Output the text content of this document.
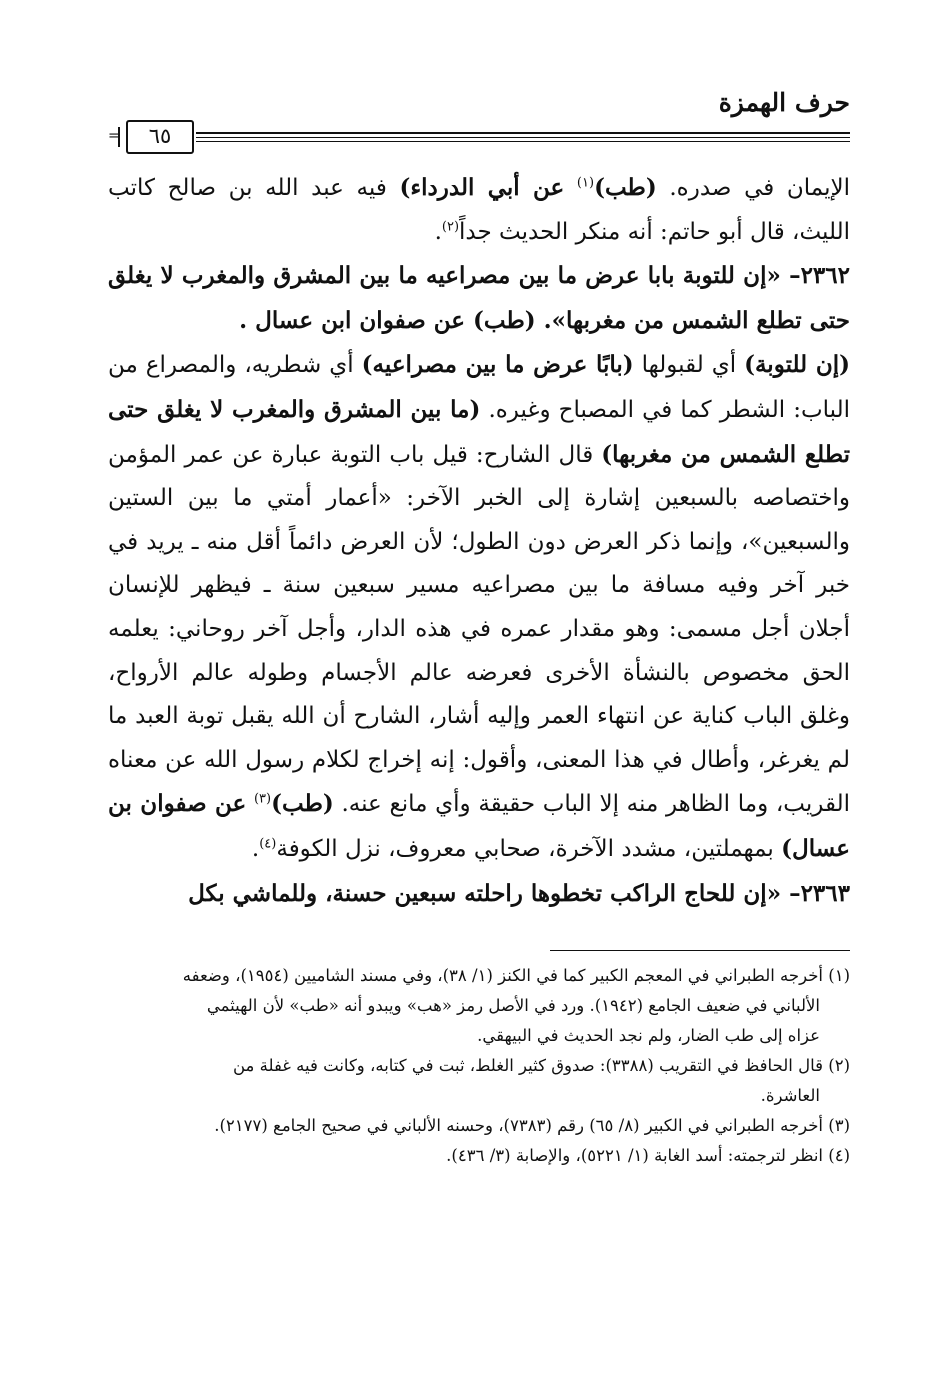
حرف الهمزة
٦٥
=

الإيمان في صدره. (طب)$^{(١)}$ عن أبي الدرداء) فيه عبد الله بن صالح كاتب الليث، قال أبو حاتم: أنه منكر الحديث جداً$^{(٢)}$.

٢٣٦٢– «إن للتوبة بابا عرض ما بين مصراعيه ما بين المشرق والمغرب لا يغلق حتى تطلع الشمس من مغربها». (طب) عن صفوان ابن عسال .

(إن للتوبة) أي لقبولها (بابًا عرض ما بين مصراعيه) أي شطريه، والمصراع من الباب: الشطر كما في المصباح وغيره. (ما بين المشرق والمغرب لا يغلق حتى تطلع الشمس من مغربها) قال الشارح: قيل باب التوبة عبارة عن عمر المؤمن واختصاصه بالسبعين إشارة إلى الخبر الآخر: «أعمار أمتي ما بين الستين والسبعين»، وإنما ذكر العرض دون الطول؛ لأن العرض دائماً أقل منه ـ يريد في خبر آخر وفيه مسافة ما بين مصراعيه مسير سبعين سنة ـ فيظهر للإنسان أجلان أجل مسمى: وهو مقدار عمره في هذه الدار، وأجل آخر روحاني: يعلمه الحق مخصوص بالنشأة الأخرى فعرضه عالم الأجسام وطوله عالم الأرواح، وغلق الباب كناية عن انتهاء العمر وإليه أشار، الشارح أن الله يقبل توبة العبد ما لم يغرغر، وأطال في هذا المعنى، وأقول: إنه إخراج لكلام رسول الله عن معناه القريب، وما الظاهر منه إلا الباب حقيقة وأي مانع عنه. (طب)$^{(٣)}$ عن صفوان بن عسال) بمهملتين، مشدد الآخرة، صحابي معروف، نزل الكوفة$^{(٤)}$.

٢٣٦٣– «إن للحاج الراكب تخطوها راحلته سبعين حسنة، وللماشي بكل

(١) أخرجه الطبراني في المعجم الكبير كما في الكنز (١/ ٣٨)، وفي مسند الشاميين (١٩٥٤)، وضعفه

الألباني في ضعيف الجامع (١٩٤٢). ورد في الأصل رمز «هب» ويبدو أنه «طب» لأن الهيثمي

عزاه إلى طب الضار، ولم نجد الحديث في البيهقي.

(٢) قال الحافظ في التقريب (٣٣٨٨): صدوق كثير الغلط، ثبت في كتابه، وكانت فيه غفلة من

العاشرة.

(٣) أخرجه الطبراني في الكبير (٨/ ٦٥) رقم (٧٣٨٣)، وحسنه الألباني في صحيح الجامع (٢١٧٧).

(٤) انظر لترجمته: أسد الغابة (١/ ٥٢٢١)، والإصابة (٣/ ٤٣٦).
